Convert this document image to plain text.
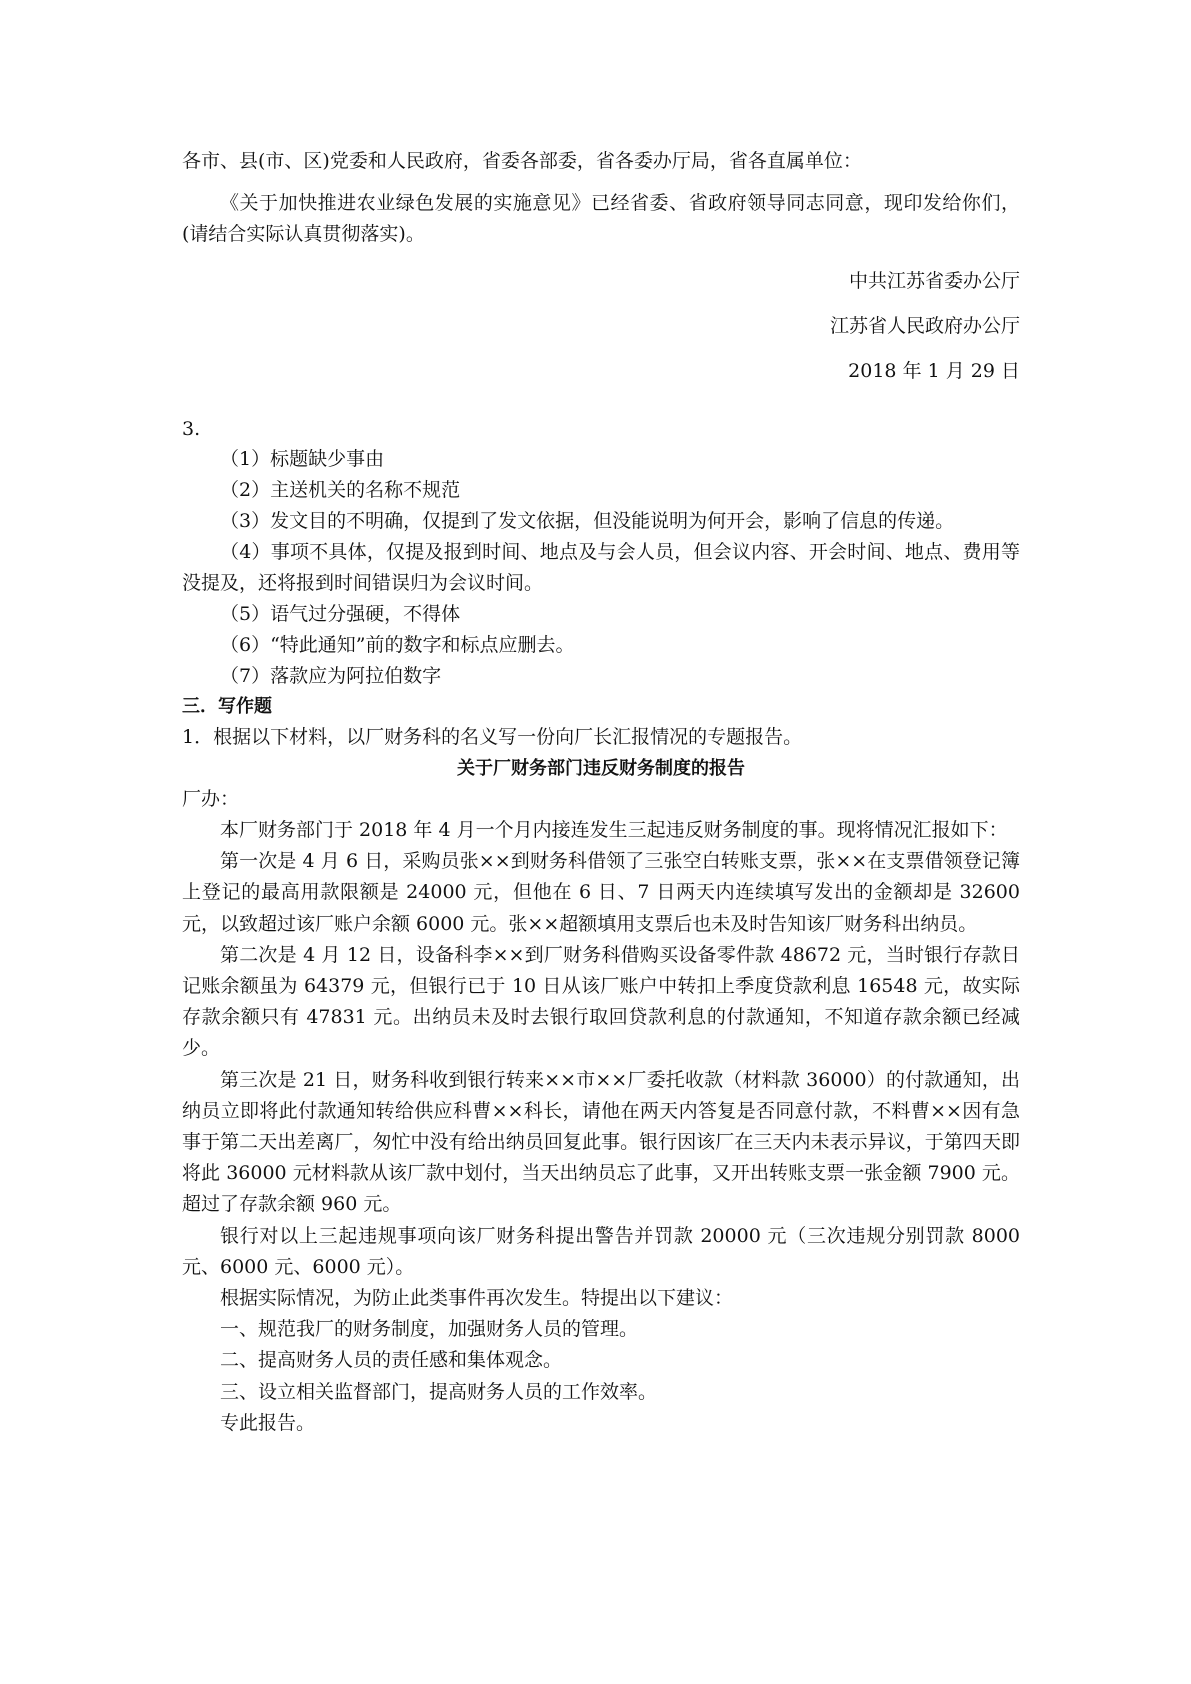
各市、县(市、区)党委和人民政府，省委各部委，省各委办厅局，省各直属单位：

《关于加快推进农业绿色发展的实施意见》已经省委、省政府领导同志同意，现印发给你们，(请结合实际认真贯彻落实)。

中共江苏省委办公厅

江苏省人民政府办公厅

2018 年 1 月 29 日

3.

（1）标题缺少事由

（2）主送机关的名称不规范

（3）发文目的不明确，仅提到了发文依据，但没能说明为何开会，影响了信息的传递。

（4）事项不具体，仅提及报到时间、地点及与会人员，但会议内容、开会时间、地点、费用等没提及，还将报到时间错误归为会议时间。

（5）语气过分强硬，不得体

（6）“特此通知”前的数字和标点应删去。

（7）落款应为阿拉伯数字

三．写作题

1．根据以下材料，以厂财务科的名义写一份向厂长汇报情况的专题报告。

关于厂财务部门违反财务制度的报告

厂办：

本厂财务部门于 2018 年 4 月一个月内接连发生三起违反财务制度的事。现将情况汇报如下：

第一次是 4 月 6 日，采购员张××到财务科借领了三张空白转账支票，张××在支票借领登记簿上登记的最高用款限额是 24000 元，但他在 6 日、7 日两天内连续填写发出的金额却是 32600 元，以致超过该厂账户余额 6000 元。张××超额填用支票后也未及时告知该厂财务科出纳员。

第二次是 4 月 12 日，设备科李××到厂财务科借购买设备零件款 48672 元，当时银行存款日记账余额虽为 64379 元，但银行已于 10 日从该厂账户中转扣上季度贷款利息 16548 元，故实际存款余额只有 47831 元。出纳员未及时去银行取回贷款利息的付款通知，不知道存款余额已经减少。

第三次是 21 日，财务科收到银行转来××市××厂委托收款（材料款 36000）的付款通知，出纳员立即将此付款通知转给供应科曹××科长，请他在两天内答复是否同意付款，不料曹××因有急事于第二天出差离厂，匆忙中没有给出纳员回复此事。银行因该厂在三天内未表示异议，于第四天即将此 36000 元材料款从该厂款中划付，当天出纳员忘了此事，又开出转账支票一张金额 7900 元。超过了存款余额 960 元。

银行对以上三起违规事项向该厂财务科提出警告并罚款 20000 元（三次违规分别罚款 8000 元、6000 元、6000 元）。

根据实际情况，为防止此类事件再次发生。特提出以下建议：

一、规范我厂的财务制度，加强财务人员的管理。

二、提高财务人员的责任感和集体观念。

三、设立相关监督部门，提高财务人员的工作效率。

专此报告。
